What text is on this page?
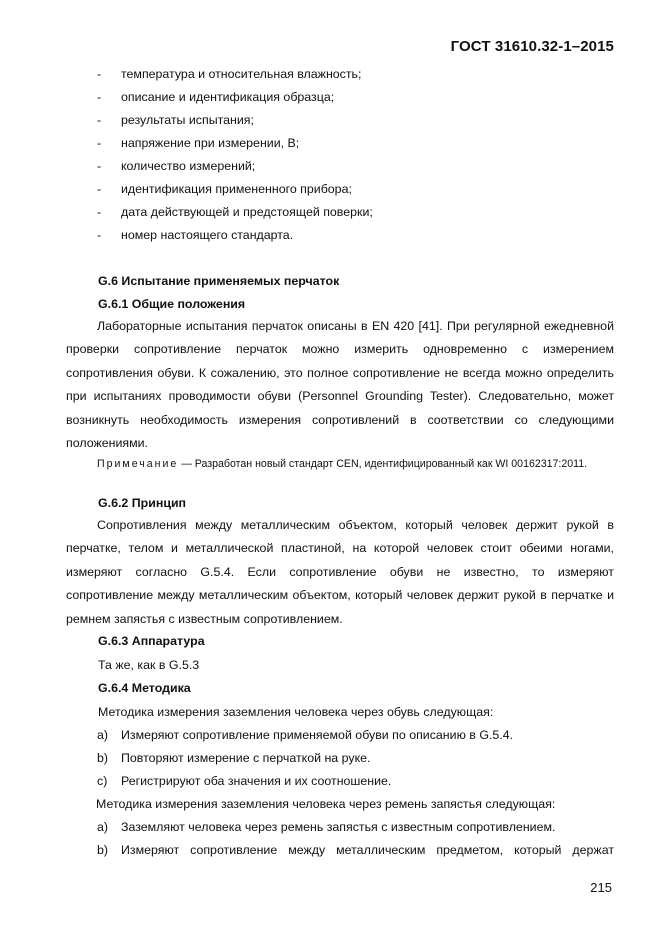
ГОСТ 31610.32-1–2015
- температура и относительная влажность;
- описание и идентификация образца;
- результаты испытания;
- напряжение при измерении, В;
- количество измерений;
- идентификация примененного прибора;
- дата действующей и предстоящей поверки;
- номер настоящего стандарта.
G.6 Испытание применяемых перчаток
G.6.1 Общие положения
Лабораторные испытания перчаток описаны в EN 420 [41]. При регулярной ежедневной проверки сопротивление перчаток можно измерить одновременно с измерением сопротивления обуви. К сожалению, это полное сопротивление не всегда можно определить при испытаниях проводимости обуви (Personnel Grounding Tester). Следовательно, может возникнуть необходимость измерения сопротивлений в соответствии со следующими положениями.
Примечание — Разработан новый стандарт CEN, идентифицированный как WI 00162317:2011.
G.6.2 Принцип
Сопротивления между металлическим объектом, который человек держит рукой в перчатке, телом и металлической пластиной, на которой человек стоит обеими ногами, измеряют согласно G.5.4. Если сопротивление обуви не известно, то измеряют сопротивление между металлическим объектом, который человек держит рукой в перчатке и ремнем запястья с известным сопротивлением.
G.6.3 Аппаратура
Та же, как в G.5.3
G.6.4 Методика
Методика измерения заземления человека через обувь следующая:
a) Измеряют сопротивление применяемой обуви по описанию в G.5.4.
b) Повторяют измерение с перчаткой на руке.
c) Регистрируют оба значения и их соотношение.
Методика измерения заземления человека через ремень запястья следующая:
a) Заземляют человека через ремень запястья с известным сопротивлением.
b) Измеряют сопротивление между металлическим предметом, который держат
215
